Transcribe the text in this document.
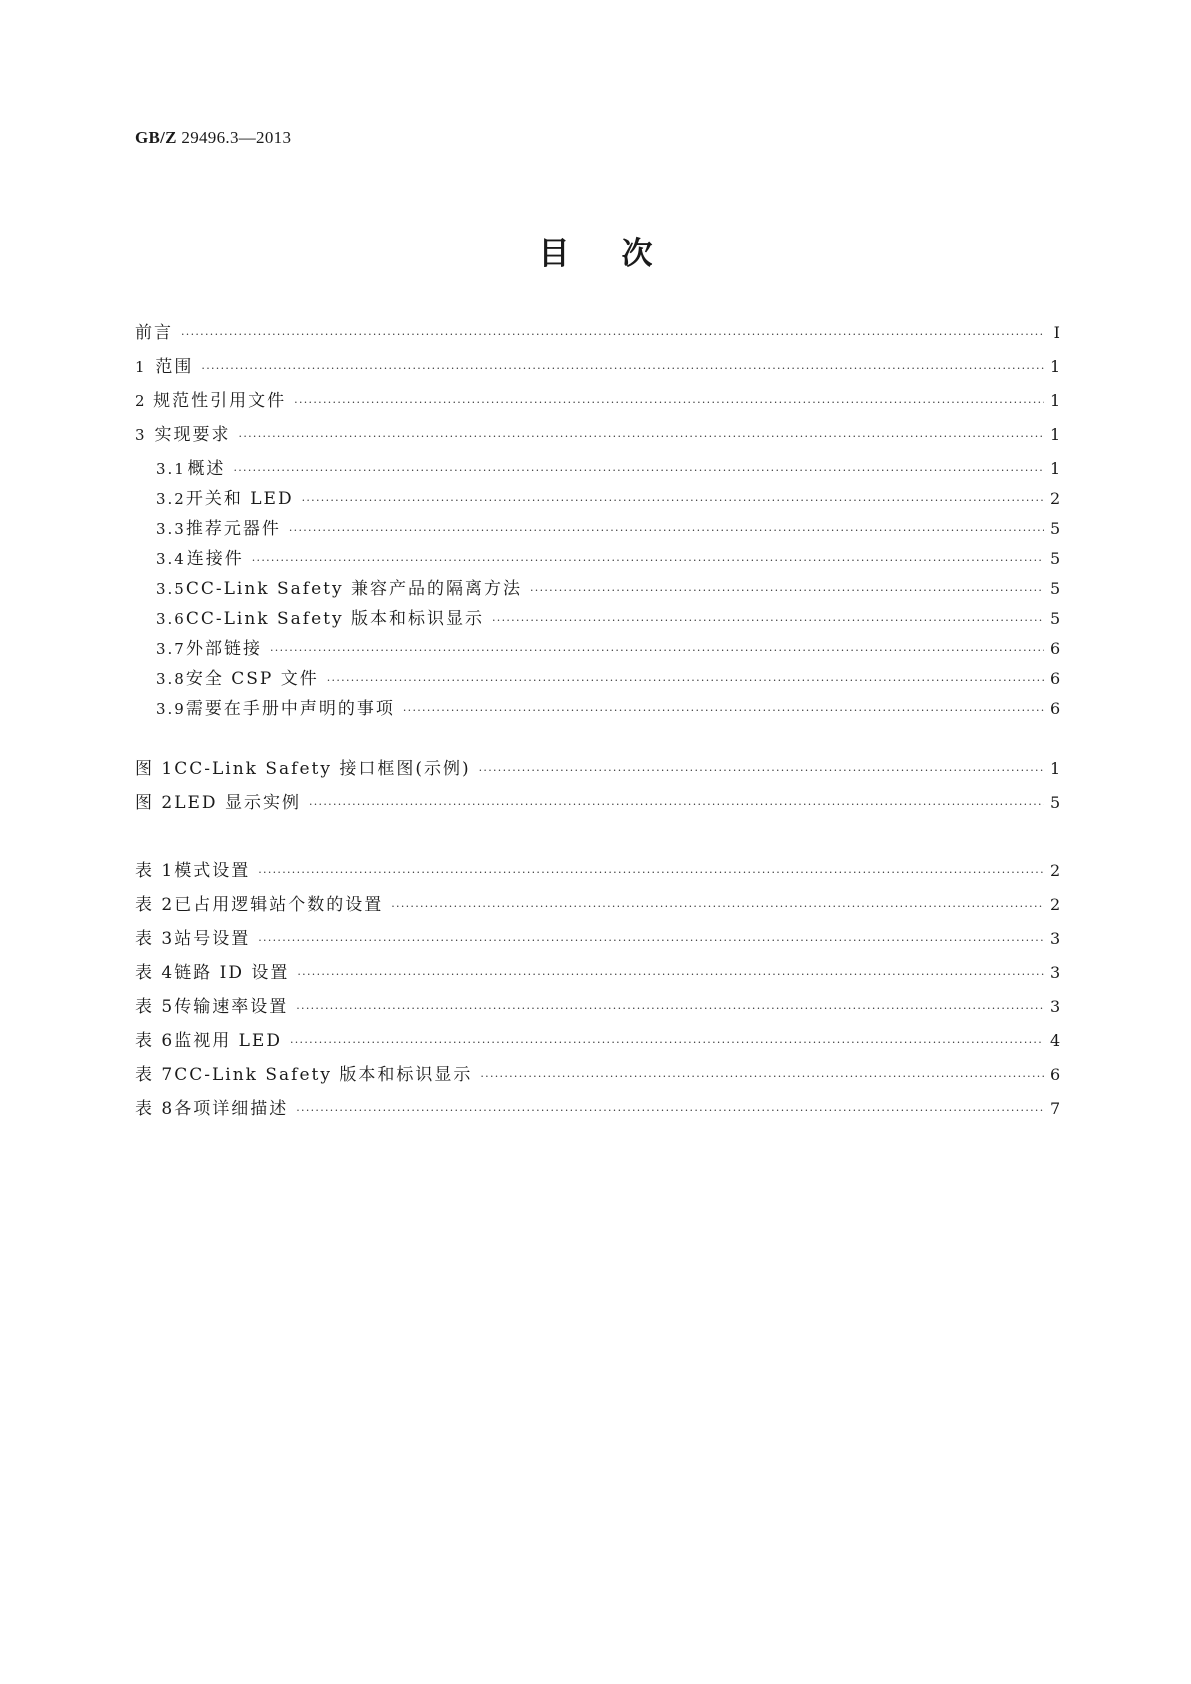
GB/Z 29496.3—2013
目次
前言 ·····	Ⅰ
1 范围 ·····	1
2 规范性引用文件 ·····	1
3 实现要求 ·····	1
3.1 概述 ·····	1
3.2 开关和 LED ·····	2
3.3 推荐元器件 ·····	5
3.4 连接件 ·····	5
3.5 CC-Link Safety 兼容产品的隔离方法 ·····	5
3.6 CC-Link Safety 版本和标识显示 ·····	5
3.7 外部链接 ·····	6
3.8 安全 CSP 文件 ·····	6
3.9 需要在手册中声明的事项 ·····	6
图 1 CC-Link Safety 接口框图(示例) ·····	1
图 2 LED 显示实例 ·····	5
表 1 模式设置 ·····	2
表 2 已占用逻辑站个数的设置 ·····	2
表 3 站号设置 ·····	3
表 4 链路 ID 设置 ·····	3
表 5 传输速率设置 ·····	3
表 6 监视用 LED ·····	4
表 7 CC-Link Safety 版本和标识显示 ·····	6
表 8 各项详细描述 ·····	7
